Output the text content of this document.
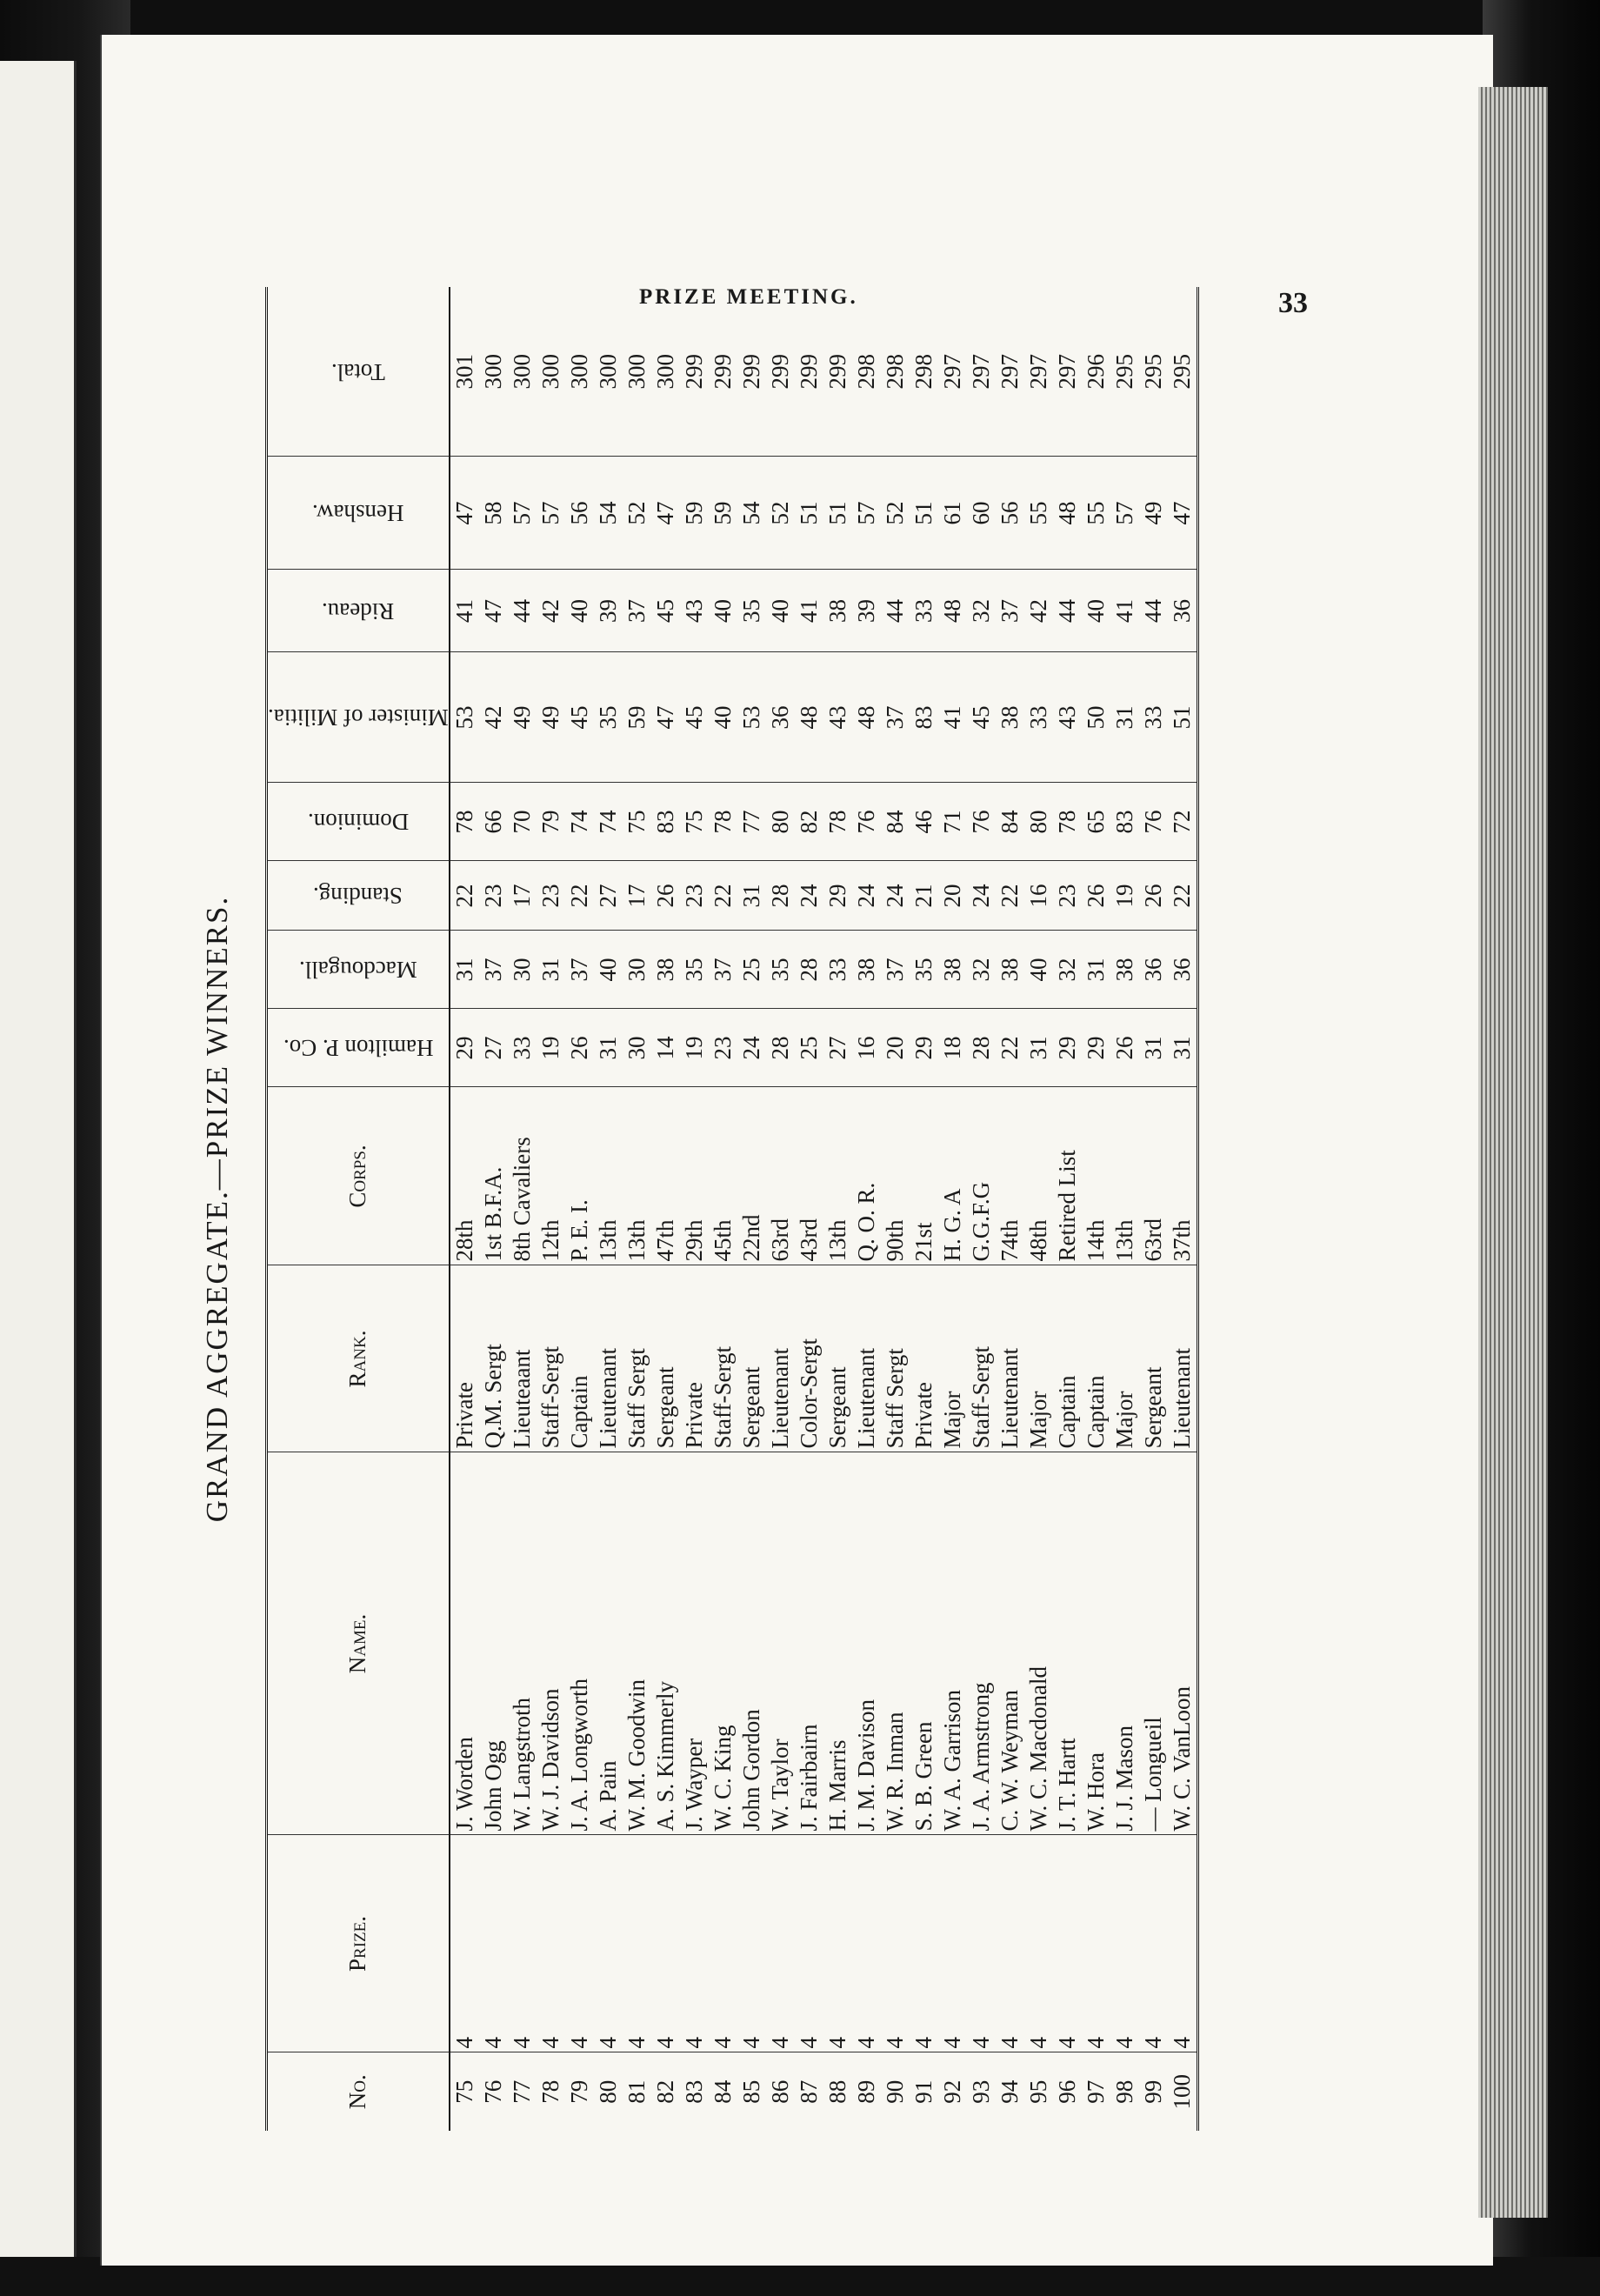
PRIZE MEETING.	33
GRAND AGGREGATE.—PRIZE WINNERS.
No.	Prize.	Name.	Rank.	Corps.	Hamilton P. Co.	Macdougall.	Standing.	Dominion.	Minister of Militia.	Rideau.	Henshaw.	Total.

75	4	J. Worden	Private	28th	29	31	22	78	53	41	47	301
76	4	John Ogg	Q.M. Sergt	1st B.F.A.	27	37	23	66	42	47	58	300
77	4	W. Langstroth	Lieuteaant	8th Cavaliers	33	30	17	70	49	44	57	300
78	4	W. J. Davidson	Staff-Sergt	12th	19	31	23	79	49	42	57	300
79	4	J. A. Longworth	Captain	P. E. I.	26	37	22	74	45	40	56	300
80	4	A. Pain	Lieutenant	13th	31	40	27	74	35	39	54	300
81	4	W. M. Goodwin	Staff Sergt	13th	30	30	17	75	59	37	52	300
82	4	A. S. Kimmerly	Sergeant	47th	14	38	26	83	47	45	47	300
83	4	J. Wayper	Private	29th	19	35	23	75	45	43	59	299
84	4	W. C. King	Staff-Sergt	45th	23	37	22	78	40	40	59	299
85	4	John Gordon	Sergeant	22nd	24	25	31	77	53	35	54	299
86	4	W. Taylor	Lieutenant	63rd	28	35	28	80	36	40	52	299
87	4	J. Fairbairn	Color-Sergt	43rd	25	28	24	82	48	41	51	299
88	4	H. Marris	Sergeant	13th	27	33	29	78	43	38	51	299
89	4	J. M. Davison	Lieutenant	Q. O. R.	16	38	24	76	48	39	57	298
90	4	W. R. Inman	Staff Sergt	90th	20	37	24	84	37	44	52	298
91	4	S. B. Green	Private	21st	29	35	21	46	83	33	51	298
92	4	W. A. Garrison	Major	H. G. A	18	38	20	71	41	48	61	297
93	4	J. A. Armstrong	Staff-Sergt	G.G.F.G	28	32	24	76	45	32	60	297
94	4	C. W. Weyman	Lieutenant	74th	22	38	22	84	38	37	56	297
95	4	W. C. Macdonald	Major	48th	31	40	16	80	33	42	55	297
96	4	J. T. Hartt	Captain	Retired List	29	32	23	78	43	44	48	297
97	4	W. Hora	Captain	14th	29	31	26	65	50	40	55	296
98	4	J. J. Mason	Major	13th	26	38	19	83	31	41	57	295
99	4	— Longueil	Sergeant	63rd	31	36	26	76	33	44	49	295
100	4	W. C. VanLoon	Lieutenant	37th	31	36	22	72	51	36	47	295
